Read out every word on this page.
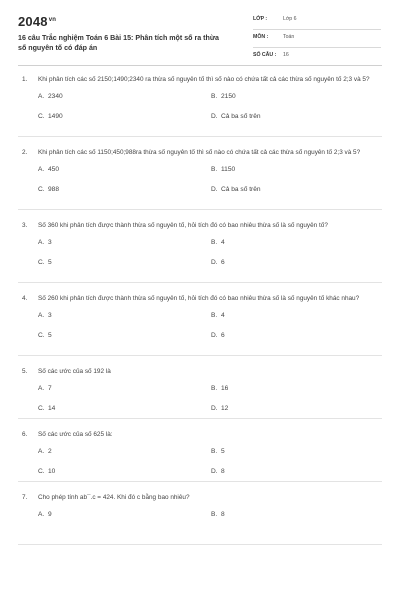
$2048^{vn}$
16 câu Trắc nghiệm Toán 6 Bài 15: Phân tích một số ra thừa số nguyên tố có đáp án
LỚP :	Lớp 6
MÔN :	Toán
SỐ CÂU : 16
1. Khi phân tích các số 2150;1490;2340 ra thừa số nguyên tố thì số nào có chứa tất cả các thừa số nguyên tố 2;3 và 5?
A. 2340	B. 2150
C. 1490	D. Cả ba số trên
2. Khi phân tích các số 1150;450;988ra thừa số nguyên tố thì số nào có chứa tất cả các thừa số nguyên tố 2;3 và 5?
A. 450	B. 1150
C. 988	D. Cả ba số trên
3. Số 360 khi phân tích được thành thừa số nguyên tố, hỏi tích đó có bao nhiêu thừa số là số nguyên tố?
A. 3	B. 4
C. 5	D. 6
4. Số 260 khi phân tích được thành thừa số nguyên tố, hỏi tích đó có bao nhiêu thừa số là số nguyên tố khác nhau?
A. 3	B. 4
C. 5	D. 6
5. Số các ước của số 192 là
A. 7	B. 16
C. 14	D. 12
6. Số các ước của số 625 là:
A. 2	B. 5
C. 10	D. 8
7. Cho phép tính ab¯.c = 424. Khi đó c bằng bao nhiêu?
A. 9	B. 8
